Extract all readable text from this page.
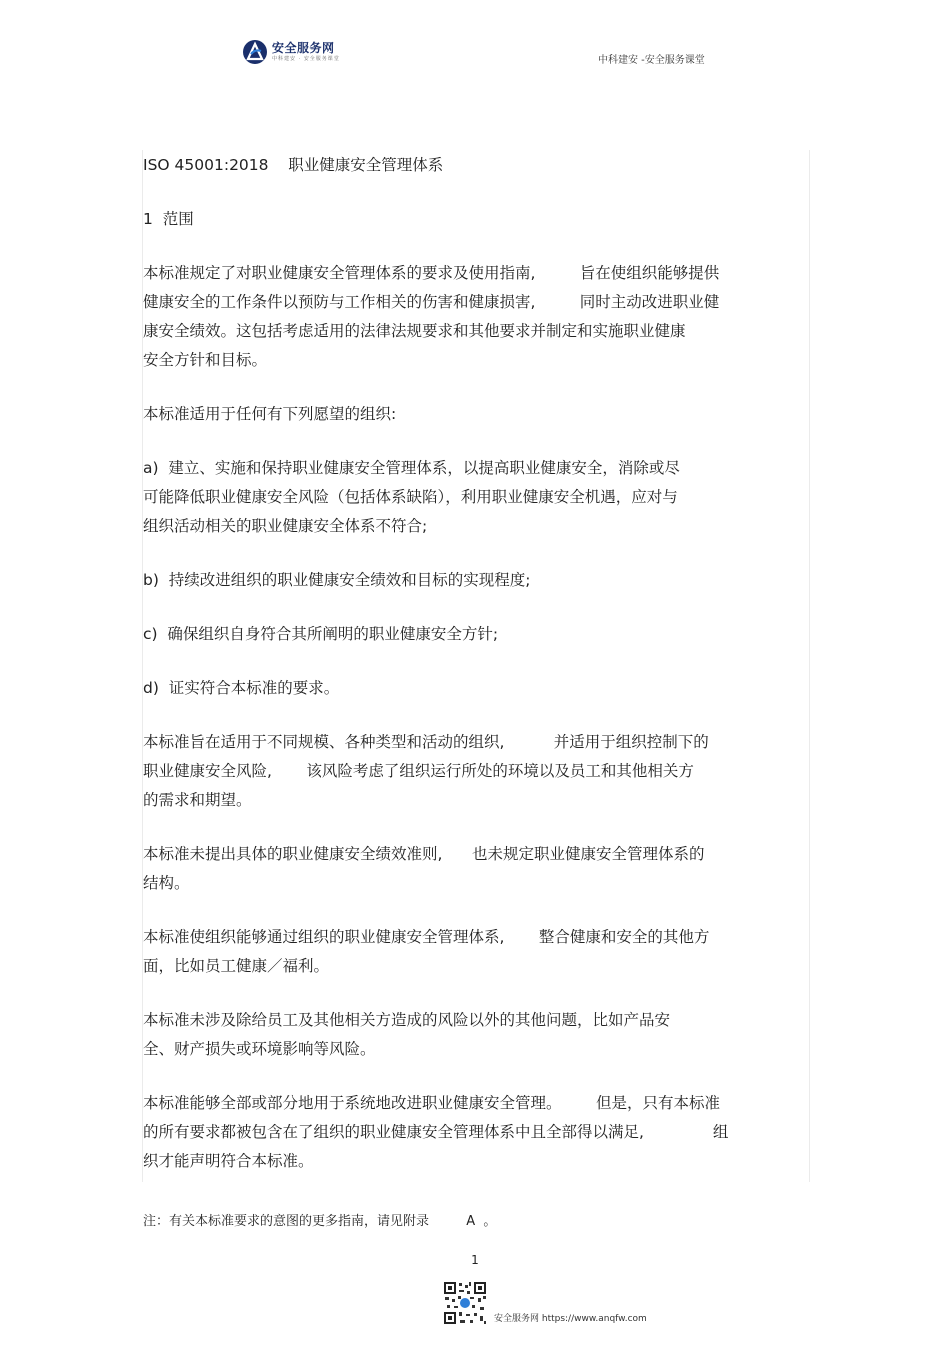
安全服务网
中科建安 · 安全服务课堂	中科建安 -安全服务课堂

ISO 45001:2018    职业健康安全管理体系

1  范围

本标准规定了对职业健康安全管理体系的要求及使用指南,         旨在使组织能够提供
健康安全的工作条件以预防与工作相关的伤害和健康损害,         同时主动改进职业健
康安全绩效。这包括考虑适用的法律法规要求和其他要求并制定和实施职业健康
安全方针和目标。

本标准适用于任何有下列愿望的组织:

a)  建立、实施和保持职业健康安全管理体系，以提高职业健康安全，消除或尽
可能降低职业健康安全风险（包括体系缺陷），利用职业健康安全机遇，应对与
组织活动相关的职业健康安全体系不符合;

b)  持续改进组织的职业健康安全绩效和目标的实现程度;

c)  确保组织自身符合其所阐明的职业健康安全方针;

d)  证实符合本标准的要求。

本标准旨在适用于不同规模、各种类型和活动的组织,          并适用于组织控制下的
职业健康安全风险,       该风险考虑了组织运行所处的环境以及员工和其他相关方
的需求和期望。

本标准未提出具体的职业健康安全绩效准则,      也未规定职业健康安全管理体系的
结构。

本标准使组织能够通过组织的职业健康安全管理体系,       整合健康和安全的其他方
面，比如员工健康／福利。

本标准未涉及除给员工及其他相关方造成的风险以外的其他问题，比如产品安
全、财产损失或环境影响等风险。

本标准能够全部或部分地用于系统地改进职业健康安全管理。       但是，只有本标准
的所有要求都被包含在了组织的职业健康安全管理体系中且全部得以满足,              组
织才能声明符合本标准。

注：有关本标准要求的意图的更多指南，请见附录         A  。
1
安全服务网 https://www.anqfw.com
